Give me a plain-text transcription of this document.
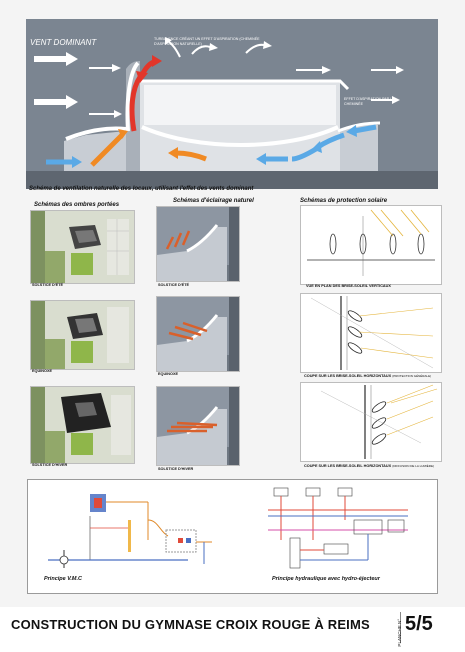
VENT DOMINANT	TURBULENCE CRÉANT UN EFFET D'ASPIRATION (CHEMINÉE D'ASPIRATION NATURELLE)
EFFET D'ASPIRATION PAR LA CHEMINÉE
Schéma de ventilation naturelle des locaux, utilisant l'effet des vents dominant
Schémas des ombres portées
Schémas d'éclairage naturel	Schémas de protection solaire
SOLSTICE D'ÉTÉ
EQUINOXE
SOLSTICE D'HIVER
SOLSTICE D'ÉTÉ
EQUINOXE
SOLSTICE D'HIVER
VUE EN PLAN DES BRISE-SOLEIL VERTICAUX
COUPE SUR LES BRISE-SOLEIL HORIZONTAUX (PROTECTION GÉNÉRALE)
COUPE SUR LES BRISE-SOLEIL HORIZONTAUX (DIFFUSION DE LA LUMIÈRE)
Principe V.M.C	Principe hydraulique avec hydro-éjecteur
CONSTRUCTION DU GYMNASE CROIX ROUGE À REIMS	PLANCHE N° 5/5
